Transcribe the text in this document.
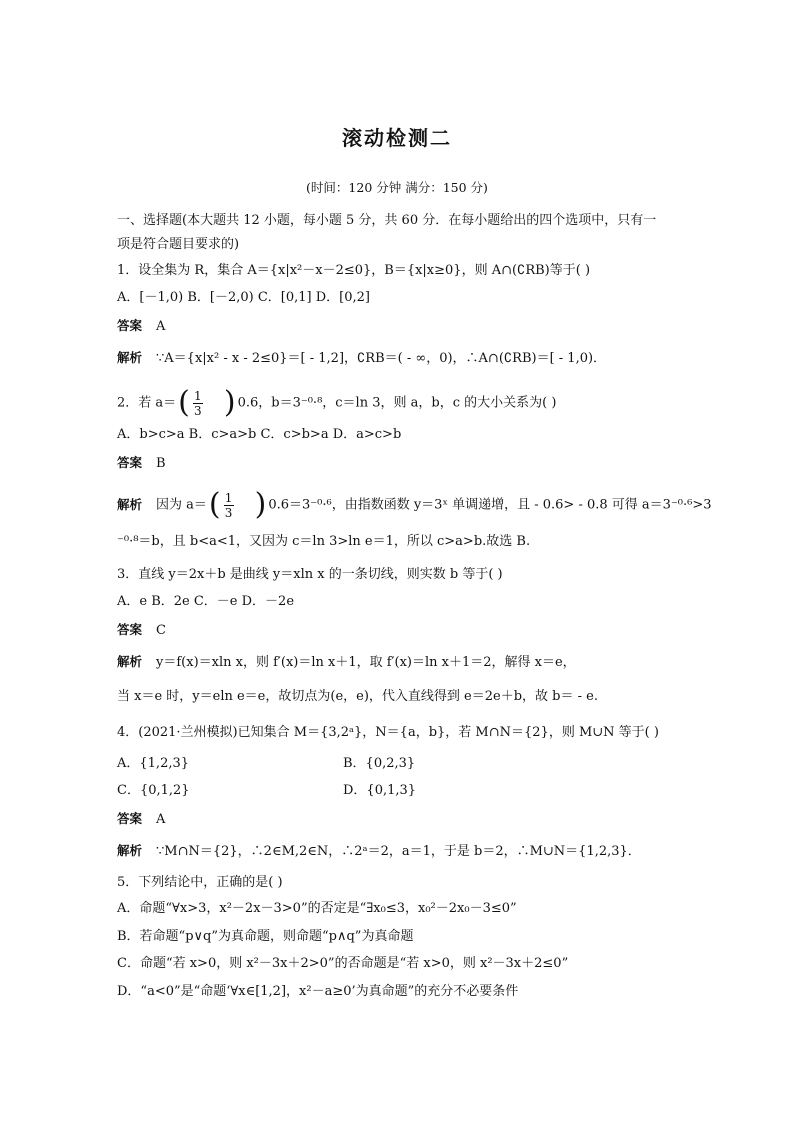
滚动检测二
(时间：120 分钟 满分：150 分)
一、选择题(本大题共 12 小题，每小题 5 分，共 60 分．在每小题给出的四个选项中，只有一
项是符合题目要求的)
1．设全集为 R，集合 A＝{x|x²－x－2≤0}，B＝{x|x≥0}，则 A∩(∁RB)等于( )
A．[－1,0) B．[－2,0) C．[0,1] D．[0,2]
答案 A
解析 ∵A＝{x|x² - x - 2≤0}＝[ - 1,2]，∁RB＝( - ∞，0)，∴A∩(∁RB)＝[ - 1,0)．
2．若 $a=( \frac{1}{3}$ ) 0.6，b＝3⁻⁰·⁸，c＝ln 3，则 a，b，c 的大小关系为( )
A．b>c>a B．c>a>b C．c>b>a D．a>c>b
答案 B
解析 因为 $a=( \frac{1}{3}$ ) 0.6＝3⁻⁰·⁶，由指数函数 y＝3ˣ 单调递增，且 - 0.6> - 0.8 可得 a＝3⁻⁰·⁶>3
⁻⁰·⁸＝b，且 b<a<1，又因为 c＝ln 3>ln e＝1，所以 c>a>b.故选 B.
3．直线 y＝2x＋b 是曲线 y＝xln x 的一条切线，则实数 b 等于( )
A．e B．2e C．－e D．－2e
答案 C
解析 y＝f(x)＝xln x，则 f′(x)＝ln x＋1，取 f′(x)＝ln x＋1＝2，解得 x＝e，
当 x＝e 时，y＝eln e＝e，故切点为(e，e)，代入直线得到 e＝2e＋b，故 b＝ - e.
4．(2021·兰州模拟)已知集合 M＝{3,2ᵃ}，N＝{a，b}，若 M∩N＝{2}，则 M∪N 等于( )
A．{1,2,3}	B．{0,2,3}
C．{0,1,2}	D．{0,1,3}
答案 A
解析 ∵M∩N＝{2}，∴2∈M,2∈N，∴2ᵃ＝2，a＝1，于是 b＝2，∴M∪N＝{1,2,3}．
5．下列结论中，正确的是( )
A．命题“∀x>3，x²－2x－3>0”的否定是“∃x₀≤3，x₀²－2x₀－3≤0”
B．若命题“p∨q”为真命题，则命题“p∧q”为真命题
C．命题“若 x>0，则 x²－3x＋2>0”的否命题是“若 x>0，则 x²－3x＋2≤0”
D．“a<0”是“命题‘∀x∈[1,2]，x²－a≥0’为真命题”的充分不必要条件
